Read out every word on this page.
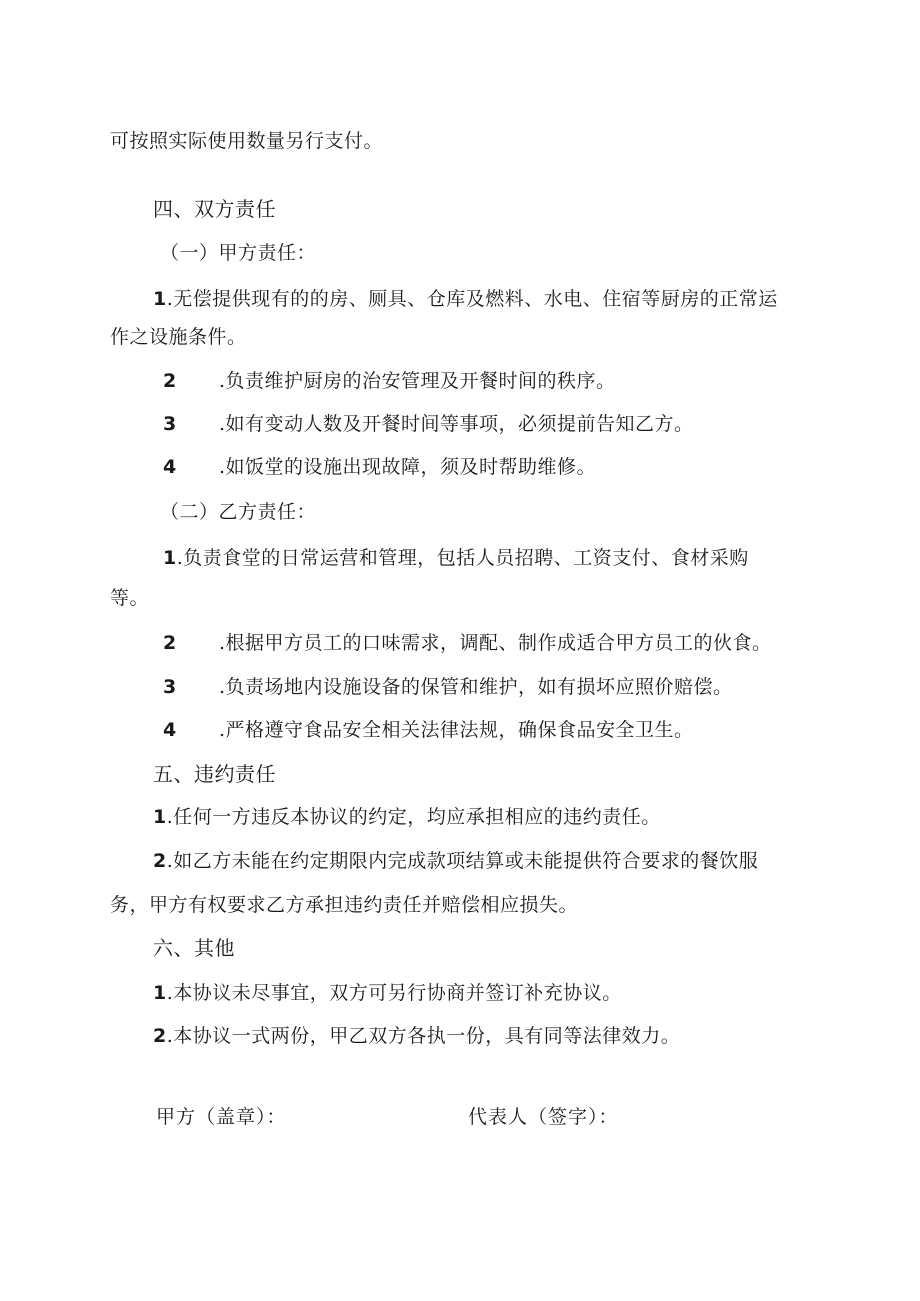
可按照实际使用数量另行支付。
四、双方责任
（一）甲方责任：
1.无偿提供现有的的房、厕具、仓库及燃料、水电、住宿等厨房的正常运
作之设施条件。
2 .负责维护厨房的治安管理及开餐时间的秩序。
3 .如有变动人数及开餐时间等事项，必须提前告知乙方。
4 .如饭堂的设施出现故障，须及时帮助维修。
（二）乙方责任：
1.负责食堂的日常运营和管理，包括人员招聘、工资支付、食材采购
等。
2 .根据甲方员工的口味需求，调配、制作成适合甲方员工的伙食。
3 .负责场地内设施设备的保管和维护，如有损坏应照价赔偿。
4 .严格遵守食品安全相关法律法规，确保食品安全卫生。
五、违约责任
1.任何一方违反本协议的约定，均应承担相应的违约责任。
2.如乙方未能在约定期限内完成款项结算或未能提供符合要求的餐饮服
务，甲方有权要求乙方承担违约责任并赔偿相应损失。
六、其他
1.本协议未尽事宜，双方可另行协商并签订补充协议。
2.本协议一式两份，甲乙双方各执一份，具有同等法律效力。
甲方（盖章）：	代表人（签字）：
